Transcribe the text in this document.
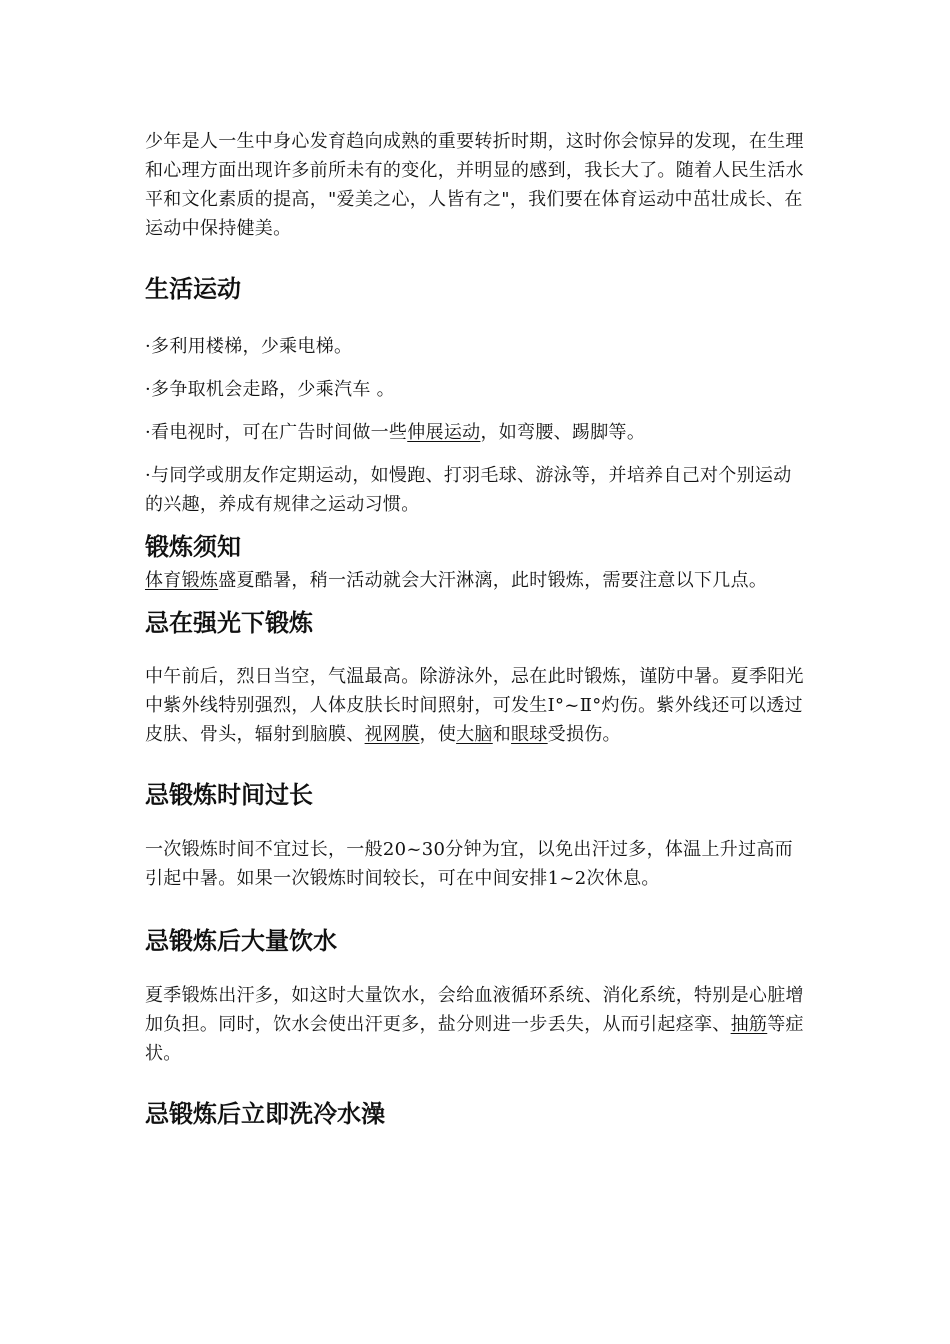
少年是人一生中身心发育趋向成熟的重要转折时期，这时你会惊异的发现，在生理和心理方面出现许多前所未有的变化，并明显的感到，我长大了。随着人民生活水平和文化素质的提高，"爱美之心，人皆有之"，我们要在体育运动中茁壮成长、在运动中保持健美。

生活运动

·多利用楼梯，少乘电梯。

·多争取机会走路，少乘汽车 。

·看电视时，可在广告时间做一些伸展运动，如弯腰、踢脚等。

·与同学或朋友作定期运动，如慢跑、打羽毛球、游泳等，并培养自己对个别运动的兴趣，养成有规律之运动习惯。

锻炼须知

体育锻炼盛夏酷暑，稍一活动就会大汗淋漓，此时锻炼，需要注意以下几点。

忌在强光下锻炼

中午前后，烈日当空，气温最高。除游泳外，忌在此时锻炼，谨防中暑。夏季阳光中紫外线特别强烈，人体皮肤长时间照射，可发生Ⅰ°~Ⅱ°灼伤。紫外线还可以透过皮肤、骨头，辐射到脑膜、视网膜，使大脑和眼球受损伤。

忌锻炼时间过长

一次锻炼时间不宜过长，一般20~30分钟为宜，以免出汗过多，体温上升过高而引起中暑。如果一次锻炼时间较长，可在中间安排1~2次休息。

忌锻炼后大量饮水

夏季锻炼出汗多，如这时大量饮水，会给血液循环系统、消化系统，特别是心脏增加负担。同时，饮水会使出汗更多，盐分则进一步丢失，从而引起痉挛、抽筋等症状。

忌锻炼后立即洗冷水澡
